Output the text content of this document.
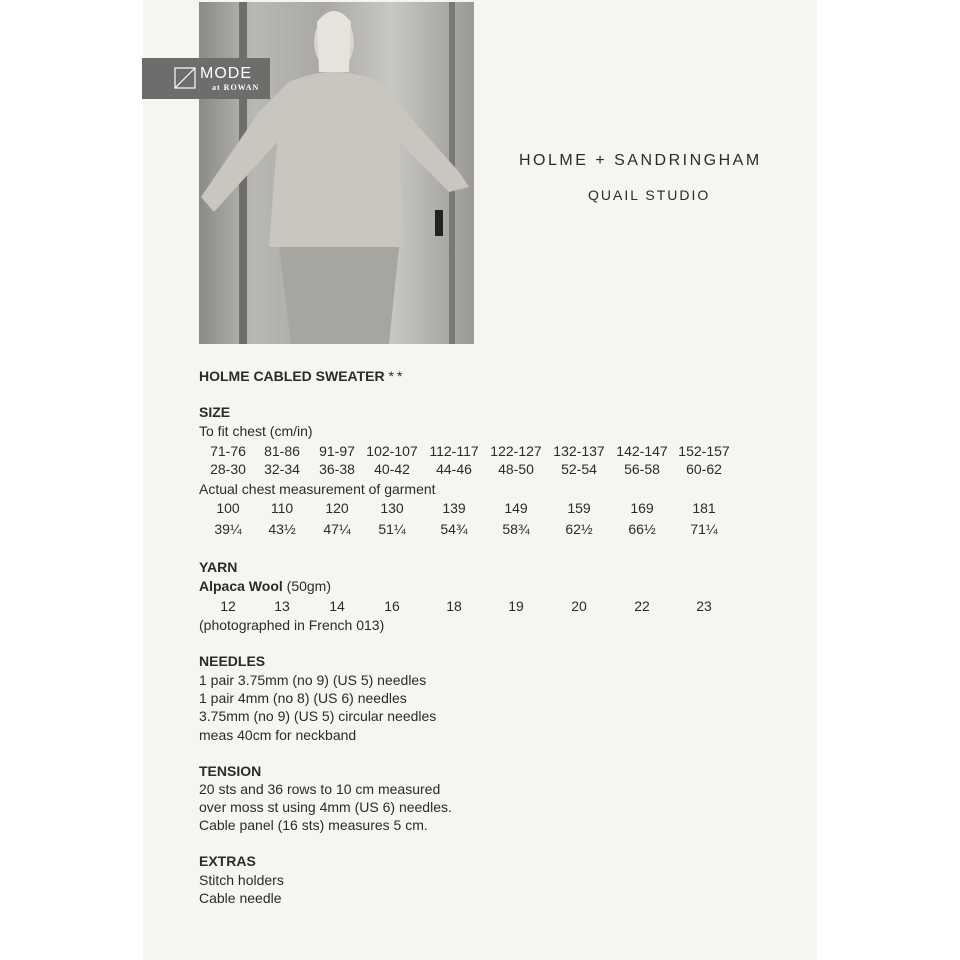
MODE
at ROWAN
HOLME + SANDRINGHAM
QUAIL STUDIO
HOLME CABLED SWEATER **
SIZE
To fit chest (cm/in)
71-76 81-86 91-97 102-107 112-117 122-127 132-137 142-147 152-157
28-30 32-34 36-38 40-42 44-46 48-50 52-54 56-58 60-62
Actual chest measurement of garment
100 110 120 130	139	149	159	169	181
39¼ 43½ 47¼ 51¼ 54¾ 58¾	62½	66½ 71¼
YARN
Alpaca Wool (50gm)
12	13	14	16	18	19	20	22	23
(photographed in French 013)
NEEDLES
1 pair 3.75mm (no 9) (US 5) needles
1 pair 4mm (no 8) (US 6) needles
3.75mm (no 9) (US 5) circular needles
meas 40cm for neckband
TENSION
20 sts and 36 rows to 10 cm measured
over moss st using 4mm (US 6) needles.
Cable panel (16 sts) measures 5 cm.
EXTRAS
Stitch holders
Cable needle
